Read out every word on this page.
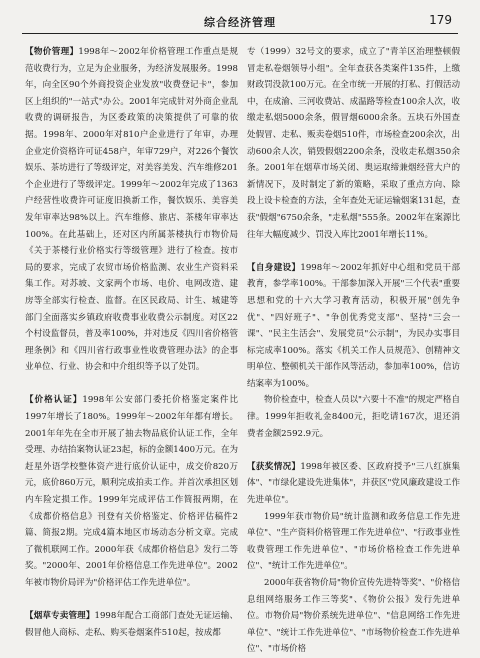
综合经济管理	179

【物价管理】1998年～2002年价格管理工作重点是规范收费行为，立足为企业服务，为经济发展服务。1998年，向全区90个外商投资企业发放"收费登记卡"，参加区上组织的"一站式"办公。2001年完成针对外商企业乱收费的调研报告，为区委政策的决策提供了可靠的依据。1998年、2000年对810户企业进行了年审，办理企业定价资格许可证458户，年审729户，对226个餐饮娱乐、茶坊进行了等级评定，对美容美发、汽车维修201个企业进行了等级评定。1999年～2002年完成了1363户经营性收费许可证度旧换新工作，餐饮娱乐、美容美发年审率达98%以上。汽车维修、旅店、茶楼年审率达100%。在此基础上，还对区内所属茶楼执行市物价局《关于茶楼行业价格实行等级管理》进行了检查。按市局的要求，完成了农贸市场价格监测、农业生产资料采集工作。对苏坡、文家两个市场、电价、电网改造、建房等全部实行检查、监督。在区民政局、计生、城建等部门全面落实乡镇政府收费事业收费公示制度。对区22个村设监督员，普及率100%，并对违反《四川省价格管理条例》和《四川省行政事业性收费管理办法》的企事业单位、行业、协会和中介组织等予以了处罚。

【价格认证】1998年公安部门委托价格鉴定案件比1997年增长了180%。1999年～2002年年都有增长。2001年年先在全市开展了抽去物品底价认证工作，全年受理、办结抬案物认证23起，标的金额1400万元。在为赶星外语学校整体资产进行底价认证中，成交价820万元，底价860万元，顺利完成拍卖工作。并首次承担区划内车险定损工作。1999年完成评估工作简报两期，在《成都价格信息》刊登有关价格鉴定、价格评估稿件2篇、简报2期。完成4篇本地区市场动态分析文章。完成了微机联网工作。2000年获《成都价格信息》发行二等奖。"2000年、2001年价格信息工作先进单位"。2002年被市物价局评为"价格评估工作先进单位"。

【烟草专卖管理】1998年配合工商部门查处无证运输、假冒他人商标、走私、购买卷烟案件510起，按成都

专（1999）32号文的要求，成立了"青羊区治理整顿假冒走私卷烟领导小组"。全年查获各类案件135件，上缴财政罚没款100万元。在全市统一开展的打私、打假活动中，在成渝、三河收费站、成温路等检查100余人次，收缴走私烟5000余条，假冒烟6000余条。五块石外国查处假冒、走私、贩卖卷烟510件，市场检查200余次，出动600余人次，销毁假烟2200余条，没收走私烟350余条。2001年在烟草市场关闭、奥运取缔兼烟经营大户的新情况下，及时制定了新的策略，采取了重点方向、除段上设卡检查的方法，全年查处无证运输烟案131起，查获"假烟"6750余条，"走私烟"555条。2002年在案源比往年大幅度减少、罚没入库比2001年增长11%。

【自身建设】1998年～2002年抓好中心组和党员干部教育，参学率100%。干部参加深入开展"三个代表"重要思想和党的十六大学习教育活动，积极开展"创先争优"、"四好班子"、"争创优秀党支部"、坚持"三会一课"、"民主生活会"、发展党员"公示制"，为民办实事目标完成率100%。落实《机关工作人员规范》、创精神文明单位、整顿机关干部作风等活动，参加率100%，信访结案率为100%。

物价检查中，检查人员以"六要十不准"的规定严格自律。1999年拒收礼金8400元，拒吃请167次，退还消费者金额2592.9元。

【获奖情况】1998年被区委、区政府授予"三八红旗集体"、"市绿化建设先进集体"，并获区"党风廉政建设工作先进单位"。

1999年获市物价局"统计监测和政务信息工作先进单位"、"生产资料价格管理工作先进单位"、"行政事业性收费管理工作先进单位"、"市场价格检查工作先进单位"、"统计工作先进单位"。

2000年获省物价局"物价宣传先进特等奖"、"价格信息组网络服务工作三等奖"、《物价公报》发行先进单位。市物价局"物价系统先进单位"、"信息网络工作先进单位"、"统计工作先进单位"、"市场物价检查工作先进单位"、"市场价格
